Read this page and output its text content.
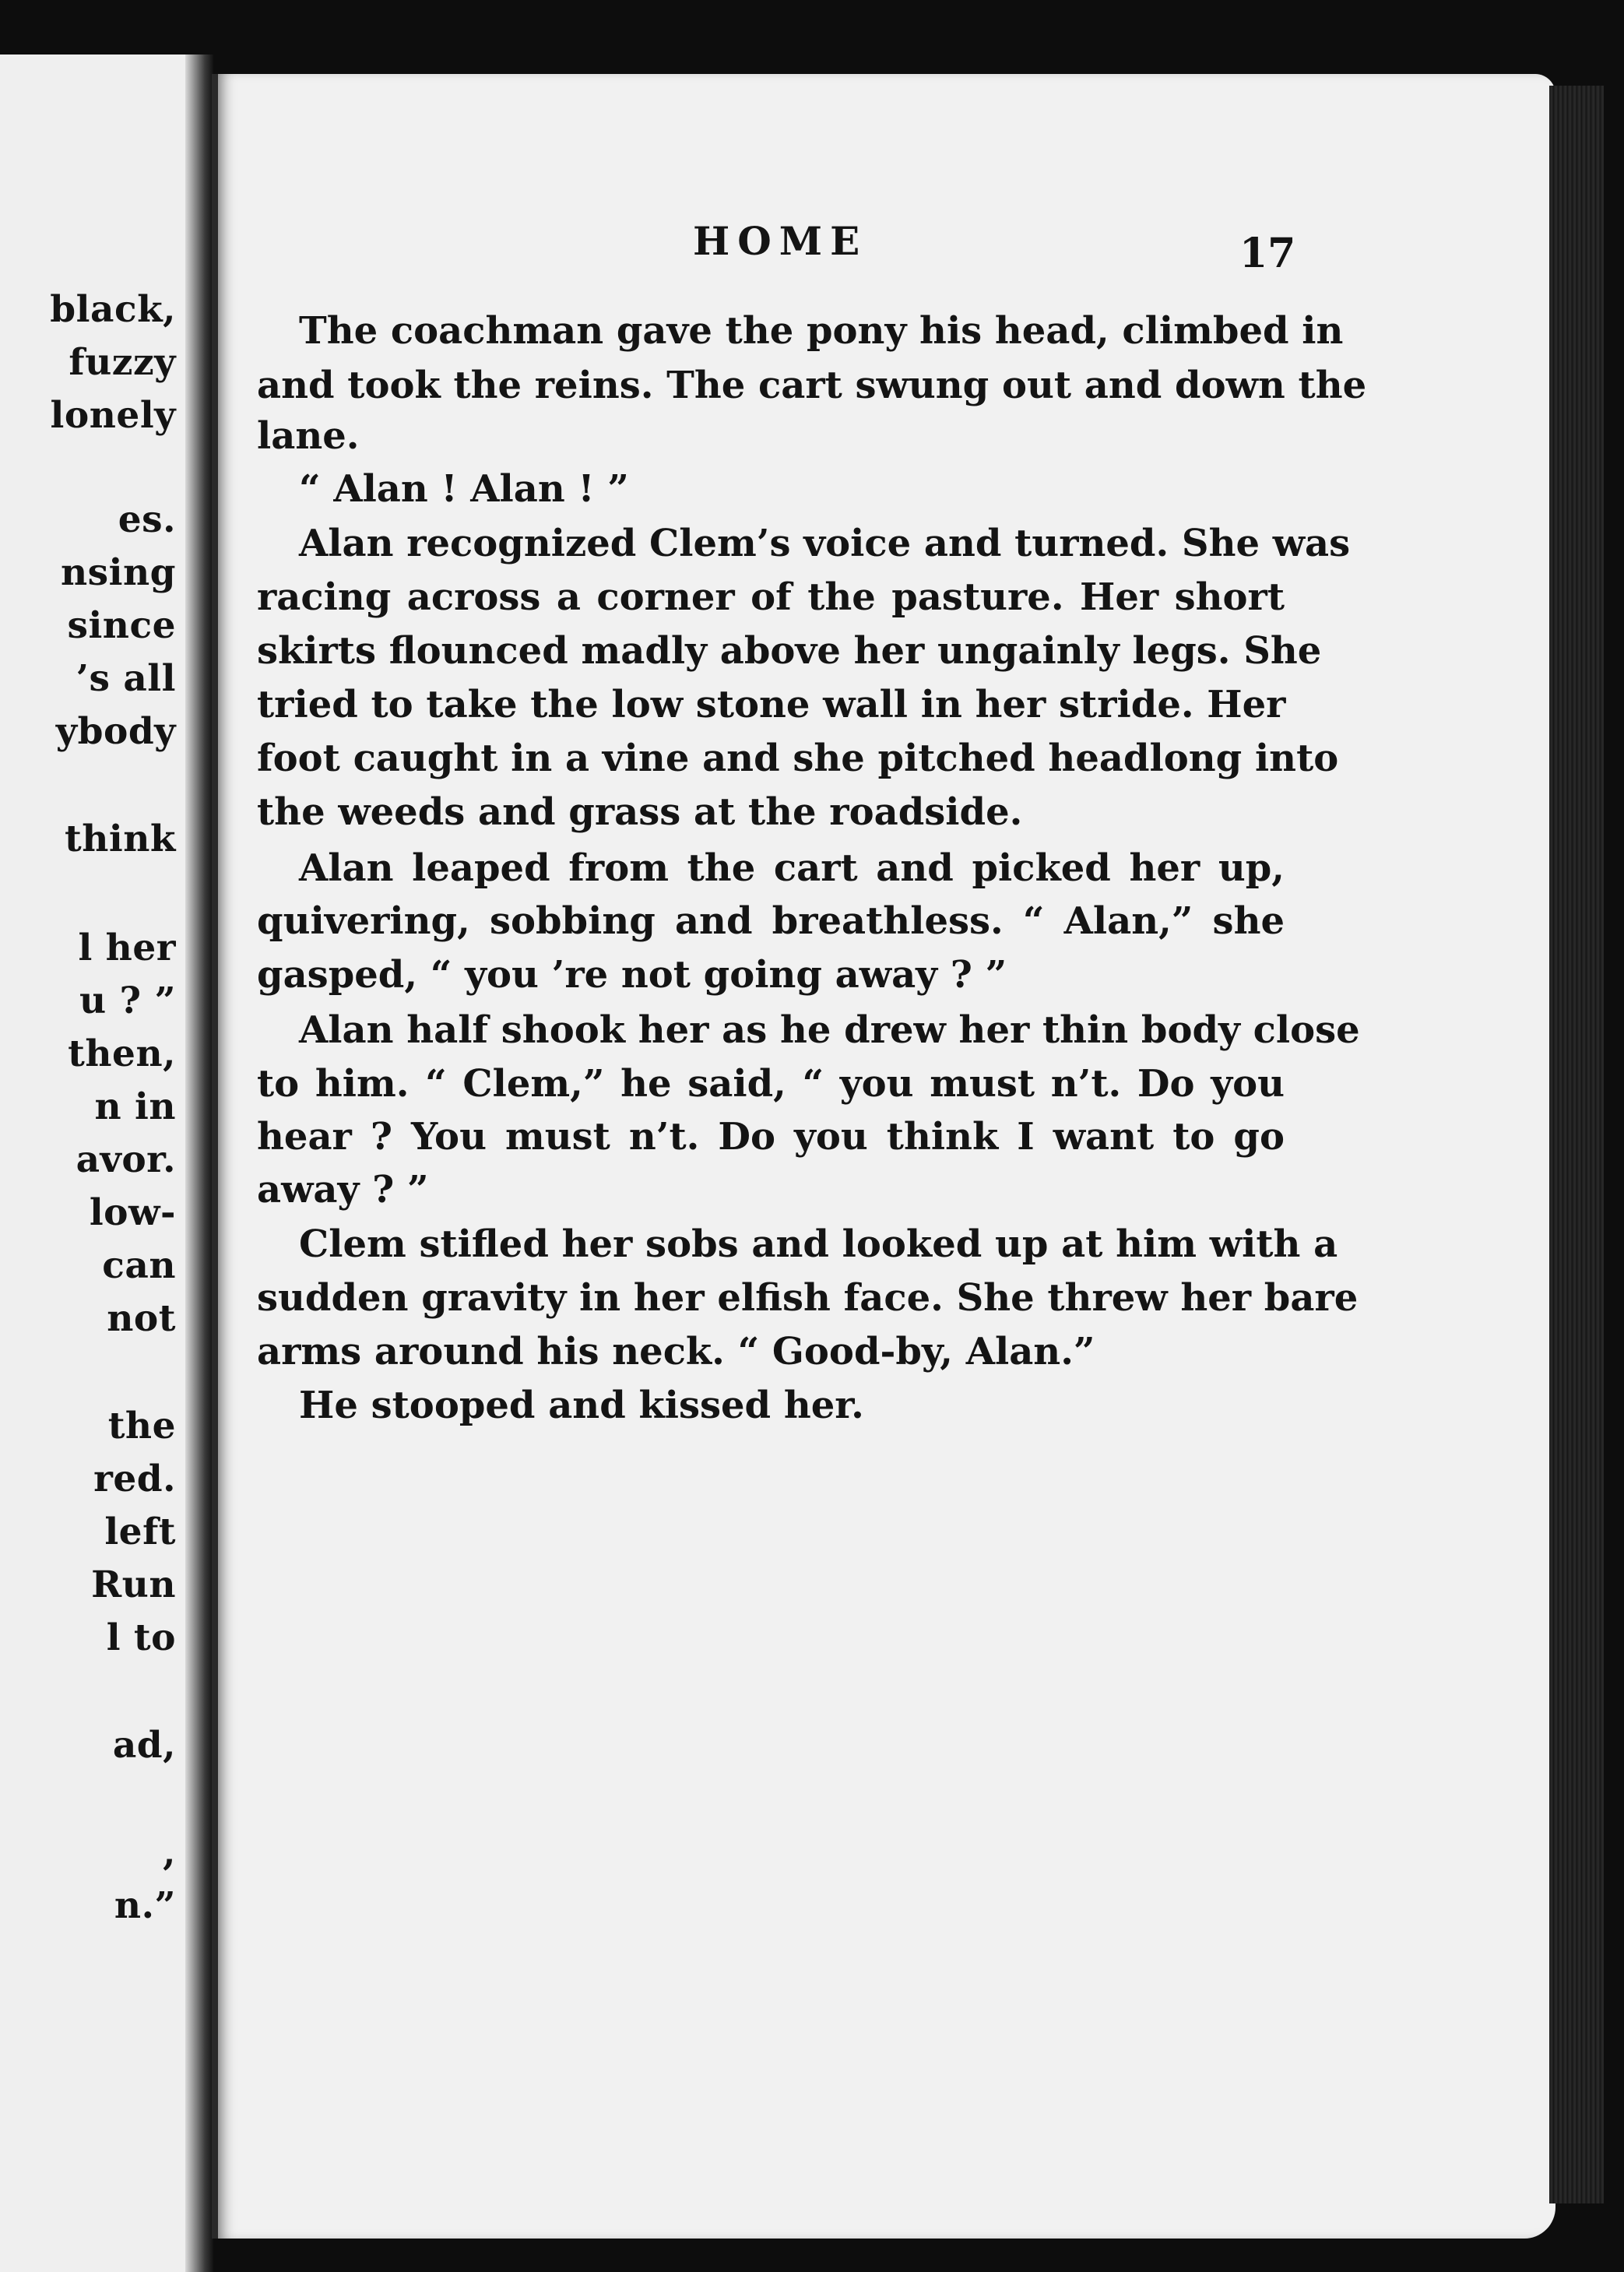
black,
fuzzy
lonely
es.
nsing
since
’s all
ybody
think
l her
u ? ”
then,
n in
avor.
low-
can
not
the
red.
left
Run
l to
ad,
,
n.”
HOME	17
The coachman gave the pony his head, climbed in
and took the reins. The cart swung out and down the
lane.
“ Alan ! Alan ! ”
Alan recognized Clem’s voice and turned. She was
racing across a corner of the pasture. Her short
skirts flounced madly above her ungainly legs. She
tried to take the low stone wall in her stride. Her
foot caught in a vine and she pitched headlong into
the weeds and grass at the roadside.
Alan leaped from the cart and picked her up,
quivering, sobbing and breathless. “ Alan,” she
gasped, “ you ’re not going away ? ”
Alan half shook her as he drew her thin body close
to him. “ Clem,” he said, “ you must n’t. Do you
hear ? You must n’t. Do you think I want to go
away ? ”
Clem stifled her sobs and looked up at him with a
sudden gravity in her elfish face. She threw her bare
arms around his neck. “ Good-by, Alan.”
He stooped and kissed her.
